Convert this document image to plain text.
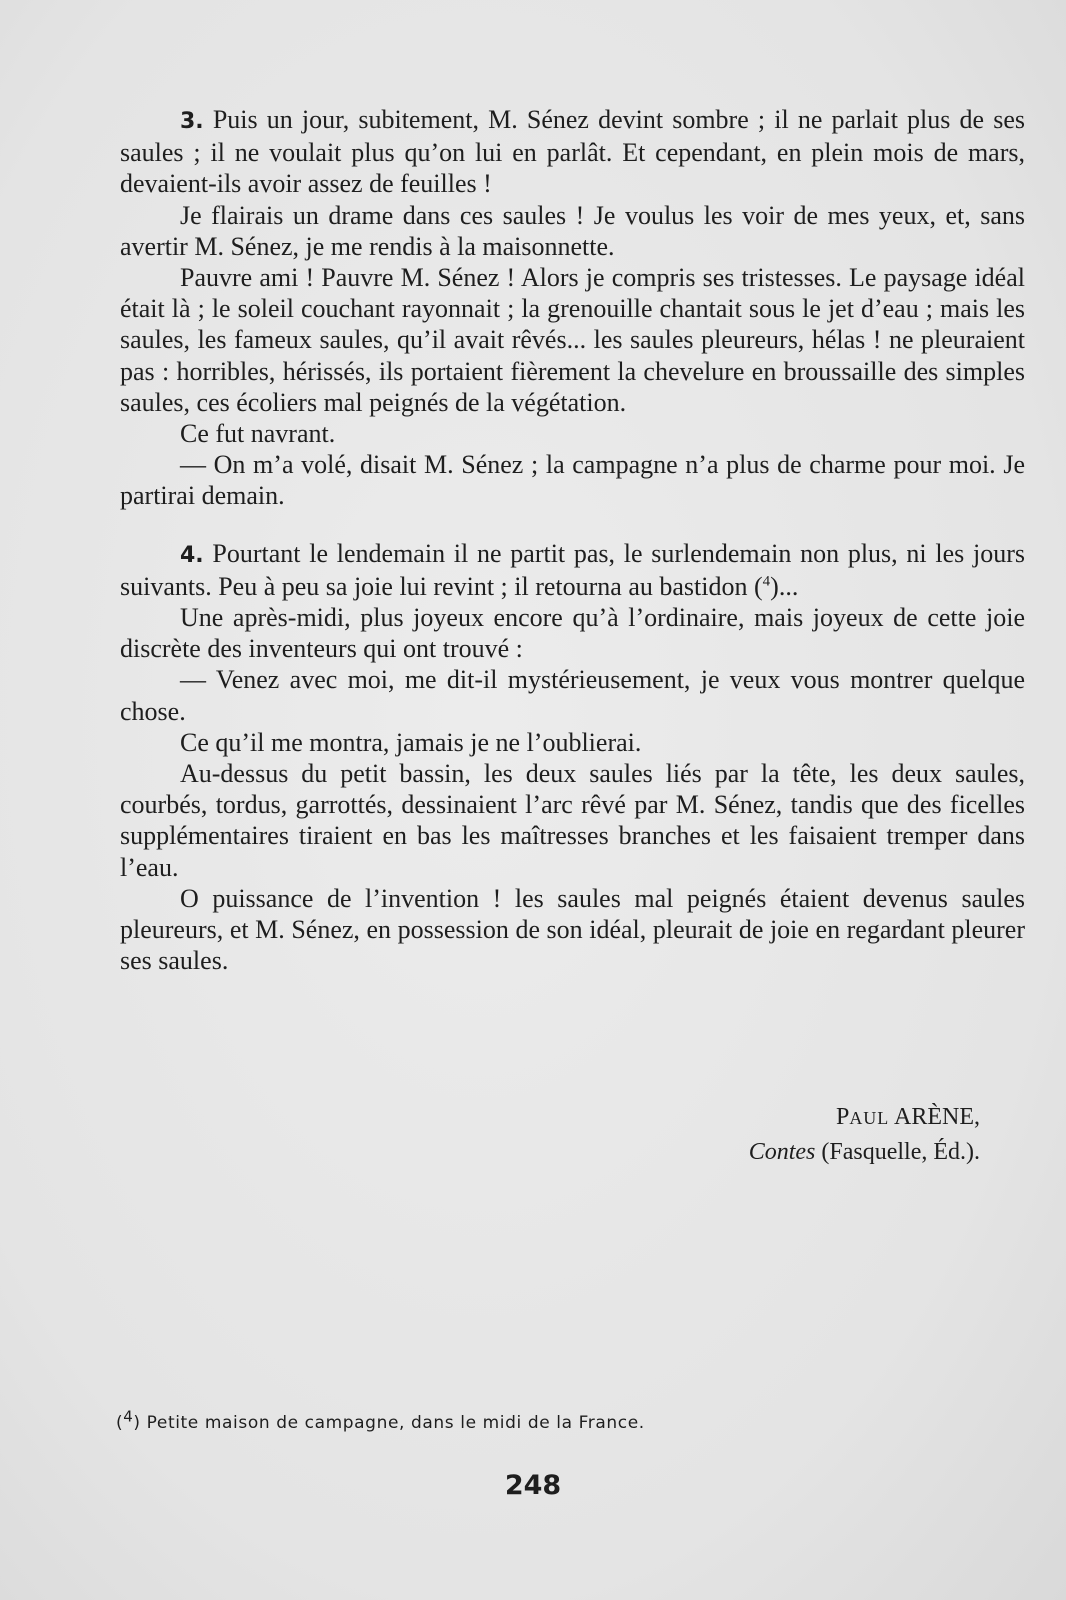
3. Puis un jour, subitement, M. Sénez devint sombre ; il ne parlait plus de ses saules ; il ne voulait plus qu’on lui en parlât. Et cependant, en plein mois de mars, devaient-ils avoir assez de feuilles !

Je flairais un drame dans ces saules ! Je voulus les voir de mes yeux, et, sans avertir M. Sénez, je me rendis à la maisonnette.

Pauvre ami ! Pauvre M. Sénez ! Alors je compris ses tristesses. Le paysage idéal était là ; le soleil couchant rayonnait ; la grenouille chantait sous le jet d’eau ; mais les saules, les fameux saules, qu’il avait rêvés... les saules pleureurs, hélas ! ne pleuraient pas : horribles, hérissés, ils portaient fièrement la chevelure en broussaille des simples saules, ces écoliers mal peignés de la végétation.

Ce fut navrant.

— On m’a volé, disait M. Sénez ; la campagne n’a plus de charme pour moi. Je partirai demain.

4. Pourtant le lendemain il ne partit pas, le surlendemain non plus, ni les jours suivants. Peu à peu sa joie lui revint ; il retourna au bastidon ($^4$)...

Une après-midi, plus joyeux encore qu’à l’ordinaire, mais joyeux de cette joie discrète des inventeurs qui ont trouvé :

— Venez avec moi, me dit-il mystérieusement, je veux vous montrer quelque chose.

Ce qu’il me montra, jamais je ne l’oublierai.

Au-dessus du petit bassin, les deux saules liés par la tête, les deux saules, courbés, tordus, garrottés, dessinaient l’arc rêvé par M. Sénez, tandis que des ficelles supplémentaires tiraient en bas les maîtresses branches et les faisaient tremper dans l’eau.

O puissance de l’invention ! les saules mal peignés étaient devenus saules pleureurs, et M. Sénez, en possession de son idéal, pleurait de joie en regardant pleurer ses saules.

PAUL ARÈNE,
Contes (Fasquelle, Éd.).
($^4$) Petite maison de campagne, dans le midi de la France.
248
